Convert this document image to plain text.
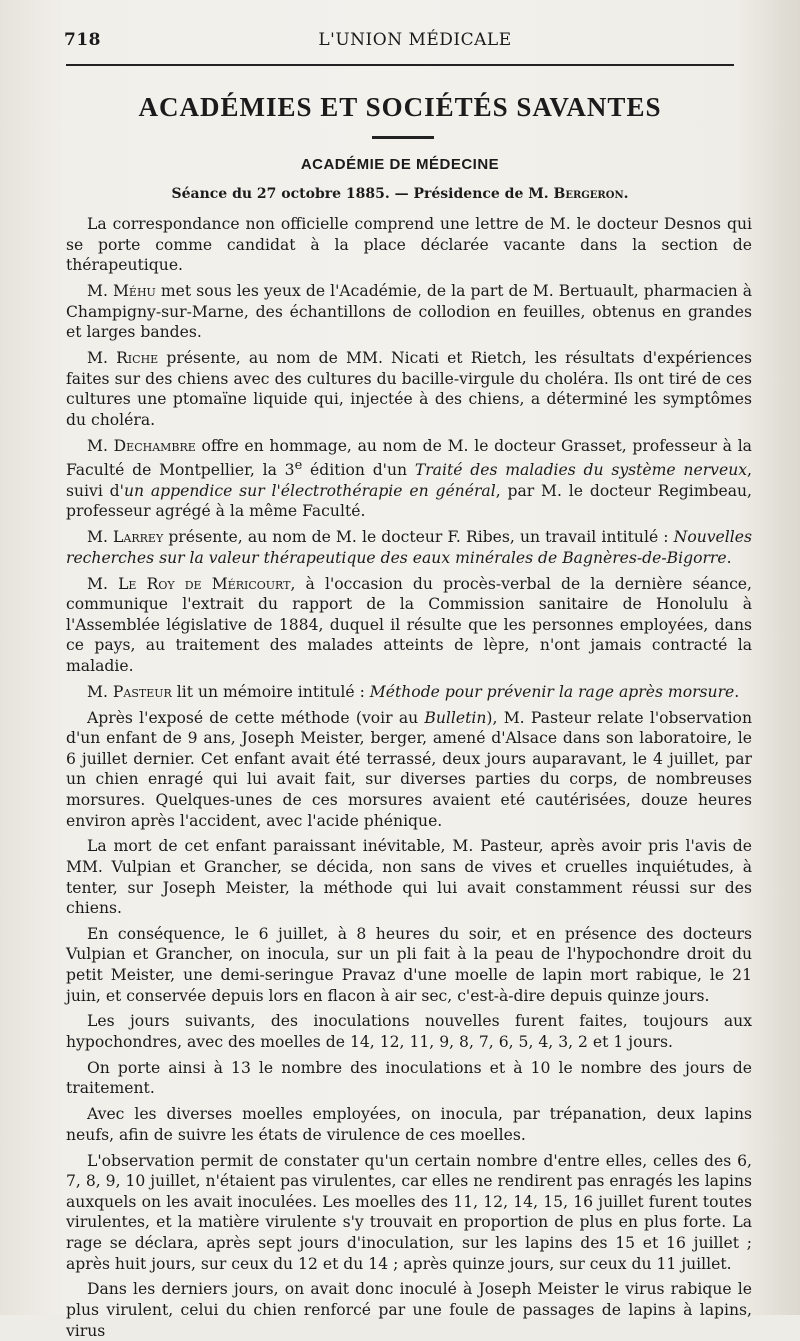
718	L'UNION MÉDICALE
ACADÉMIES ET SOCIÉTÉS SAVANTES
ACADÉMIE DE MÉDECINE
Séance du 27 octobre 1885. — Présidence de M. Bergeron.

La correspondance non officielle comprend une lettre de M. le docteur Desnos qui se porte comme candidat à la place déclarée vacante dans la section de thérapeutique.

M. Méhu met sous les yeux de l'Académie, de la part de M. Bertuault, pharmacien à Champigny-sur-Marne, des échantillons de collodion en feuilles, obtenus en grandes et larges bandes.

M. Riche présente, au nom de MM. Nicati et Rietch, les résultats d'expériences faites sur des chiens avec des cultures du bacille-virgule du choléra. Ils ont tiré de ces cultures une ptomaïne liquide qui, injectée à des chiens, a déterminé les symptômes du choléra.

M. Dechambre offre en hommage, au nom de M. le docteur Grasset, professeur à la Faculté de Montpellier, la 3e édition d'un Traité des maladies du système nerveux, suivi d'un appendice sur l'électrothérapie en général, par M. le docteur Regimbeau, professeur agrégé à la même Faculté.

M. Larrey présente, au nom de M. le docteur F. Ribes, un travail intitulé : Nouvelles recherches sur la valeur thérapeutique des eaux minérales de Bagnères-de-Bigorre.

M. Le Roy de Méricourt, à l'occasion du procès-verbal de la dernière séance, communique l'extrait du rapport de la Commission sanitaire de Honolulu à l'Assemblée législative de 1884, duquel il résulte que les personnes employées, dans ce pays, au traitement des malades atteints de lèpre, n'ont jamais contracté la maladie.

M. Pasteur lit un mémoire intitulé : Méthode pour prévenir la rage après morsure.

Après l'exposé de cette méthode (voir au Bulletin), M. Pasteur relate l'observation d'un enfant de 9 ans, Joseph Meister, berger, amené d'Alsace dans son laboratoire, le 6 juillet dernier. Cet enfant avait été terrassé, deux jours auparavant, le 4 juillet, par un chien enragé qui lui avait fait, sur diverses parties du corps, de nombreuses morsures. Quelques-unes de ces morsures avaient eté cautérisées, douze heures environ après l'accident, avec l'acide phénique.

La mort de cet enfant paraissant inévitable, M. Pasteur, après avoir pris l'avis de MM. Vulpian et Grancher, se décida, non sans de vives et cruelles inquiétudes, à tenter, sur Joseph Meister, la méthode qui lui avait constamment réussi sur des chiens.

En conséquence, le 6 juillet, à 8 heures du soir, et en présence des docteurs Vulpian et Grancher, on inocula, sur un pli fait à la peau de l'hypochondre droit du petit Meister, une demi-seringue Pravaz d'une moelle de lapin mort rabique, le 21 juin, et conservée depuis lors en flacon à air sec, c'est-à-dire depuis quinze jours.

Les jours suivants, des inoculations nouvelles furent faites, toujours aux hypochondres, avec des moelles de 14, 12, 11, 9, 8, 7, 6, 5, 4, 3, 2 et 1 jours.

On porte ainsi à 13 le nombre des inoculations et à 10 le nombre des jours de traitement.

Avec les diverses moelles employées, on inocula, par trépanation, deux lapins neufs, afin de suivre les états de virulence de ces moelles.

L'observation permit de constater qu'un certain nombre d'entre elles, celles des 6, 7, 8, 9, 10 juillet, n'étaient pas virulentes, car elles ne rendirent pas enragés les lapins auxquels on les avait inoculées. Les moelles des 11, 12, 14, 15, 16 juillet furent toutes virulentes, et la matière virulente s'y trouvait en proportion de plus en plus forte. La rage se déclara, après sept jours d'inoculation, sur les lapins des 15 et 16 juillet ; après huit jours, sur ceux du 12 et du 14 ; après quinze jours, sur ceux du 11 juillet.

Dans les derniers jours, on avait donc inoculé à Joseph Meister le virus rabique le plus virulent, celui du chien renforcé par une foule de passages de lapins à lapins, virus
